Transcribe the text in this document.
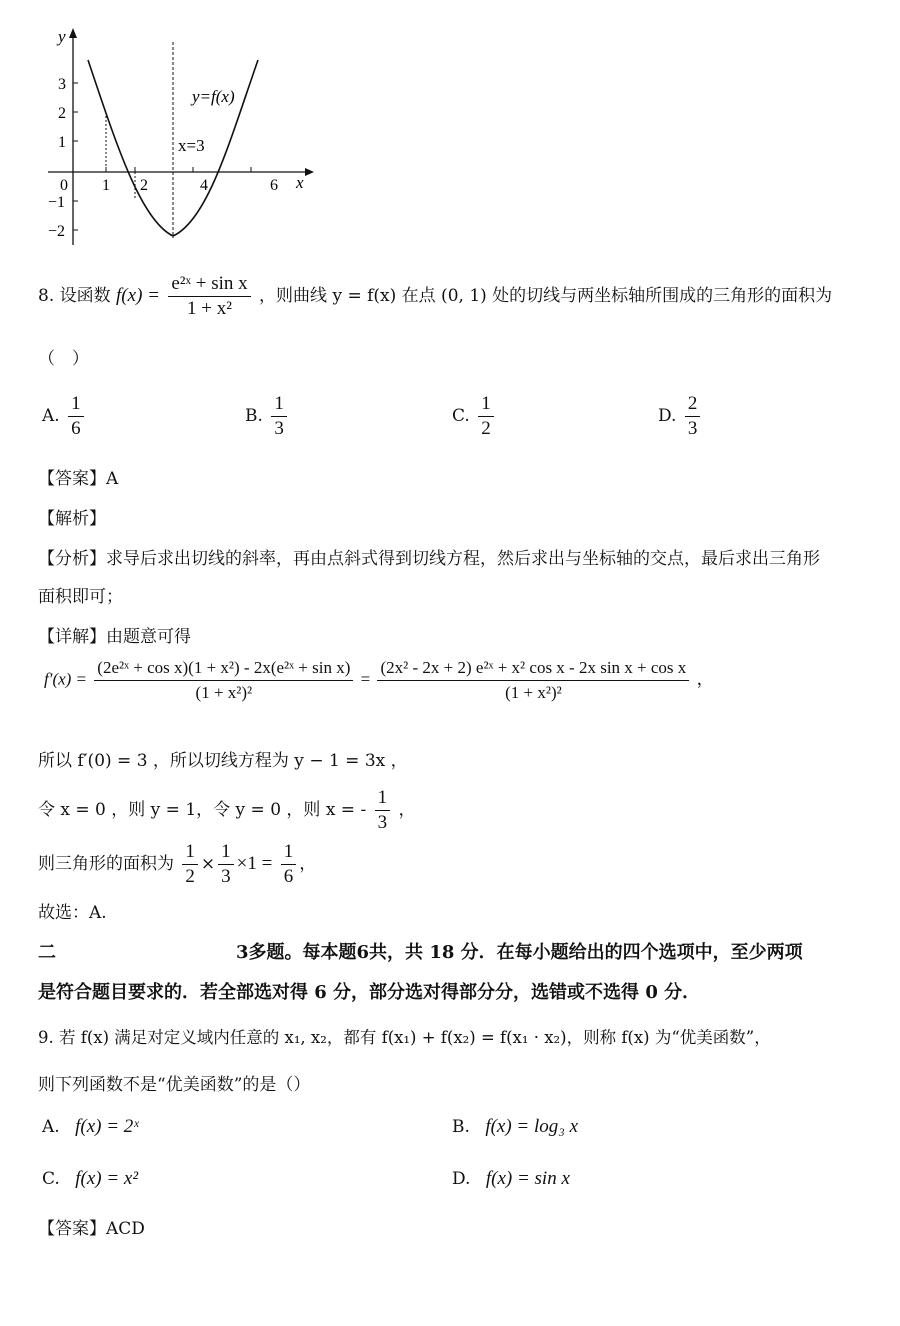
y
x
y=f(x)
x=3
3
2
1
−1
−2
0 1 2	4	6
8. 设函数 $f(x) = \frac{\text{e²ˣ + sin x}}{\text{1 + x²}}$ ，则曲线 y = f(x) 在点 (0, 1) 处的切线与两坐标轴所围成的三角形的面积为
（　）
A. $\frac{1}{6}$	B. $\frac{1}{3}$	C. $\frac{1}{2}$	D. $\frac{2}{3}$
【答案】A
【解析】
【分析】求导后求出切线的斜率，再由点斜式得到切线方程，然后求出与坐标轴的交点，最后求出三角形
面积即可；
【详解】由题意可得
$f'(x) = \frac{\text{(2e²ˣ + cos x)(1 + x²) - 2x(e²ˣ + sin x)}}{\text{(1 + x²)²}} = \frac{\text{(2x² - 2x + 2) e²ˣ + x² cos x - 2x sin x + cos x}}{\text{(1 + x²)²}}$ ，
所以 f′(0) = 3 ，所以切线方程为 y − 1 = 3x ，
令 x = 0 ，则 y = 1，令 y = 0 ，则 x = - $\frac{1}{3}$ ，
则三角形的面积为 $\frac{1}{2} \times \frac{1}{3} \times 1 = \frac{1}{6}$ ，
故选：A.
二	3多题。每本题6共，共 18 分．在每小题给出的四个选项中，至少两项
是符合题目要求的．若全部选对得 6 分，部分选对得部分分，选错或不选得 0 分．
9. 若 f(x) 满足对定义域内任意的 x₁, x₂，都有 f(x₁) + f(x₂) = f(x₁ · x₂)，则称 f(x) 为“优美函数”，
则下列函数不是“优美函数”的是（）
A. f(x) = 2ˣ	B. f(x) = log₃ x
C. f(x) = x²	D. f(x) = sin x
【答案】ACD
